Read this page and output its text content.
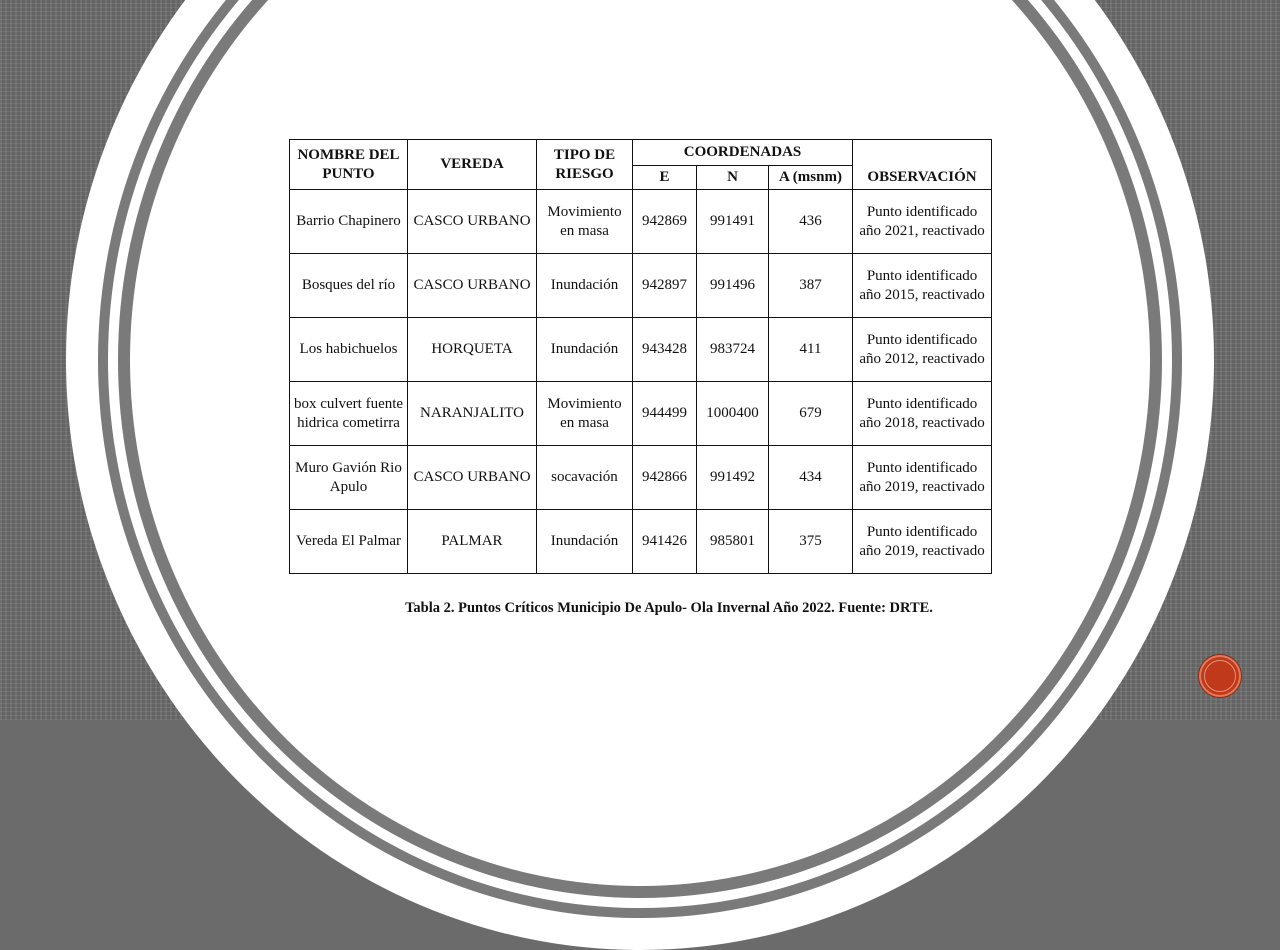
NOMBRE DEL PUNTO	VEREDA	TIPO DE RIESGO	COORDENADAS			OBSERVACIÓN
			E	N	A (msnm)	
Barrio Chapinero	CASCO URBANO	Movimiento en masa	942869	991491	436	Punto identificado año 2021, reactivado
Bosques del río	CASCO URBANO	Inundación	942897	991496	387	Punto identificado año 2015, reactivado
Los habichuelos	HORQUETA	Inundación	943428	983724	411	Punto identificado año 2012, reactivado
box culvert fuente hidrica cometirra	NARANJALITO	Movimiento en masa	944499	1000400	679	Punto identificado año 2018, reactivado
Muro Gavión Rio Apulo	CASCO URBANO	socavación	942866	991492	434	Punto identificado año 2019, reactivado
Vereda El Palmar	PALMAR	Inundación	941426	985801	375	Punto identificado año 2019, reactivado
Tabla 2. Puntos Críticos Municipio De Apulo- Ola Invernal Año 2022. Fuente: DRTE.
